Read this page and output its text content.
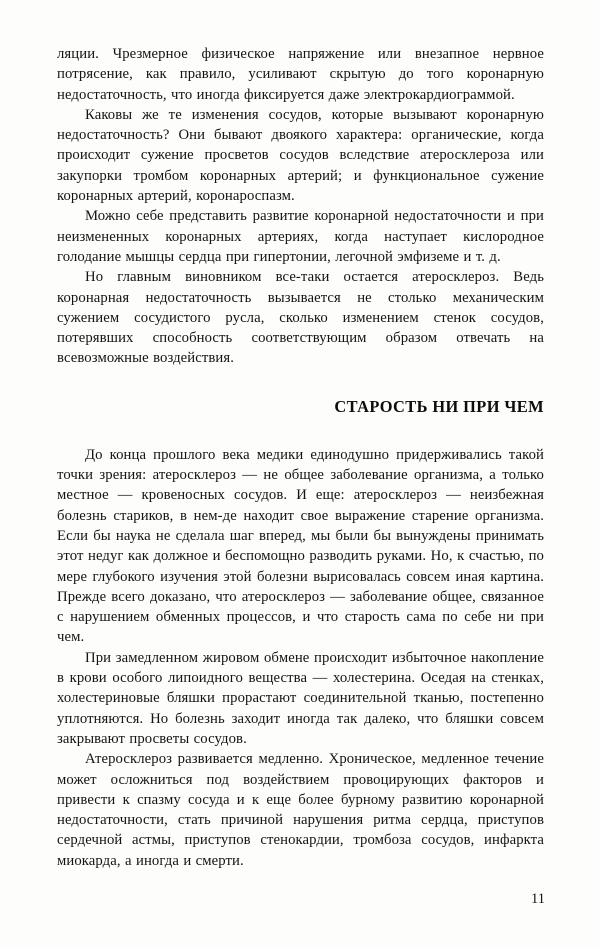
ляции. Чрезмерное физическое напряжение или внезапное нервное потрясение, как правило, усиливают скрытую до того коронарную недостаточность, что иногда фиксируется даже электрокардиограммой.

Каковы же те изменения сосудов, которые вызывают коронарную недостаточность? Они бывают двоякого характера: органические, когда происходит сужение просветов сосудов вследствие атеросклероза или закупорки тромбом коронарных артерий; и функциональное сужение коронарных артерий, коронароспазм.

Можно себе представить развитие коронарной недостаточности и при неизмененных коронарных артериях, когда наступает кислородное голодание мышцы сердца при гипертонии, легочной эмфиземе и т. д.

Но главным виновником все-таки остается атеросклероз. Ведь коронарная недостаточность вызывается не столько механическим сужением сосудистого русла, сколько изменением стенок сосудов, потерявших способность соответствующим образом отвечать на всевозможные воздействия.

СТАРОСТЬ НИ ПРИ ЧЕМ

До конца прошлого века медики единодушно придерживались такой точки зрения: атеросклероз — не общее заболевание организма, а только местное — кровеносных сосудов. И еще: атеросклероз — неизбежная болезнь стариков, в нем-де находит свое выражение старение организма. Если бы наука не сделала шаг вперед, мы были бы вынуждены принимать этот недуг как должное и беспомощно разводить руками. Но, к счастью, по мере глубокого изучения этой болезни вырисовалась совсем иная картина. Прежде всего доказано, что атеросклероз — заболевание общее, связанное с нарушением обменных процессов, и что старость сама по себе ни при чем.

При замедленном жировом обмене происходит избыточное накопление в крови особого липоидного вещества — холестерина. Оседая на стенках, холестериновые бляшки прорастают соединительной тканью, постепенно уплотняются. Но болезнь заходит иногда так далеко, что бляшки совсем закрывают просветы сосудов.

Атеросклероз развивается медленно. Хроническое, медленное течение может осложниться под воздействием провоцирующих факторов и привести к спазму сосуда и к еще более бурному развитию коронарной недостаточности, стать причиной нарушения ритма сердца, приступов сердечной астмы, приступов стенокардии, тромбоза сосудов, инфаркта миокарда, а иногда и смерти.

11
